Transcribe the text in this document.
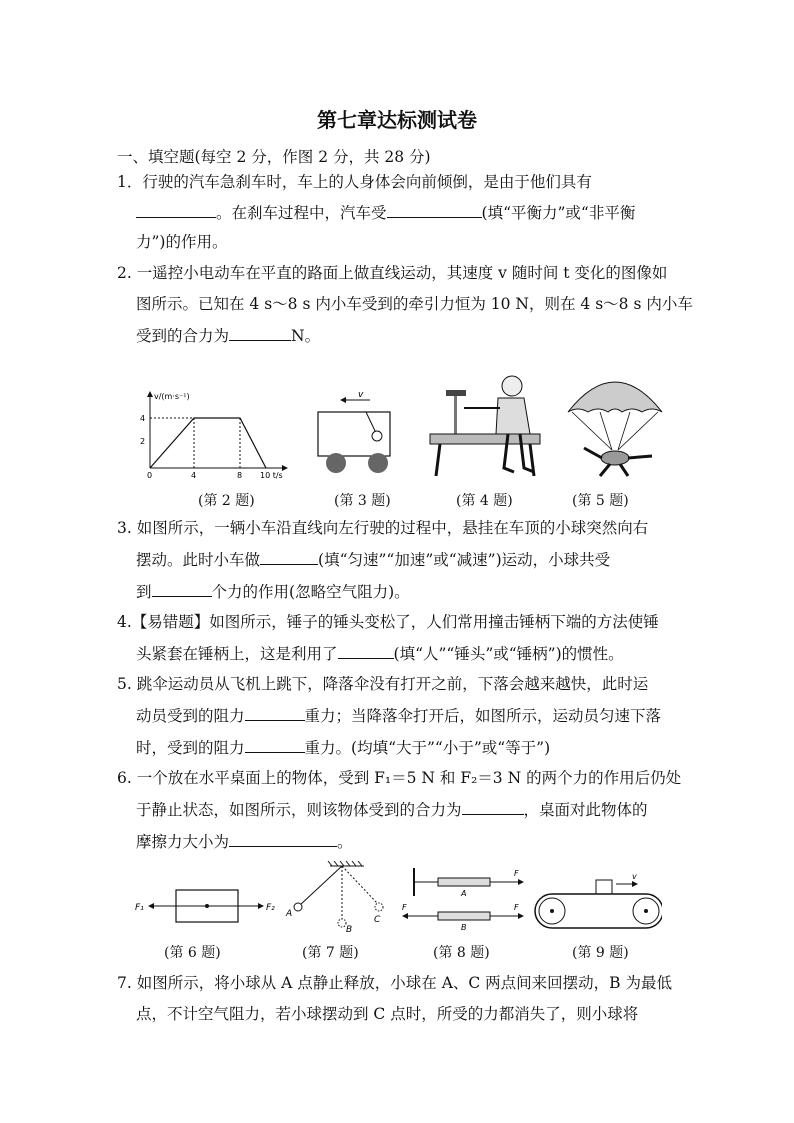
第七章达标测试卷
一、填空题(每空 2 分，作图 2 分，共 28 分)
1．行驶的汽车急刹车时，车上的人身体会向前倾倒，是由于他们具有
。在刹车过程中，汽车受	(填“平衡力”或“非平衡
力”)的作用。
2. 一遥控小电动车在平直的路面上做直线运动，其速度 v 随时间 t 变化的图像如
图所示。已知在 4 s～8 s 内小车受到的牵引力恒为 10 N，则在 4 s～8 s 内小车
受到的合力为	N。
v/(m·s⁻¹)
4
2
0	4	8 10 t/s
v
(第 2 题)	(第 3 题)	(第 4 题)	(第 5 题)
3. 如图所示，一辆小车沿直线向左行驶的过程中，悬挂在车顶的小球突然向右
摆动。此时小车做	(填“匀速”“加速”或“减速”)运动，小球共受
到	个力的作用(忽略空气阻力)。
4.【易错题】如图所示，锤子的锤头变松了，人们常用撞击锤柄下端的方法使锤
头紧套在锤柄上，这是利用了	(填“人”“锤头”或“锤柄”)的惯性。
5. 跳伞运动员从飞机上跳下，降落伞没有打开之前，下落会越来越快，此时运
动员受到的阻力	重力；当降落伞打开后，如图所示，运动员匀速下落
时，受到的阻力	重力。(均填“大于”“小于”或“等于”)
6. 一个放在水平桌面上的物体，受到 F₁＝5 N 和 F₂＝3 N 的两个力的作用后仍处
于静止状态，如图所示，则该物体受到的合力为	，桌面对此物体的
摩擦力大小为	。
F₁	F₂
A
B
C
F
A
F	F
B
v
(第 6 题)	(第 7 题)	(第 8 题)	(第 9 题)
7. 如图所示，将小球从 A 点静止释放，小球在 A、C 两点间来回摆动，B 为最低
点，不计空气阻力，若小球摆动到 C 点时，所受的力都消失了，则小球将
